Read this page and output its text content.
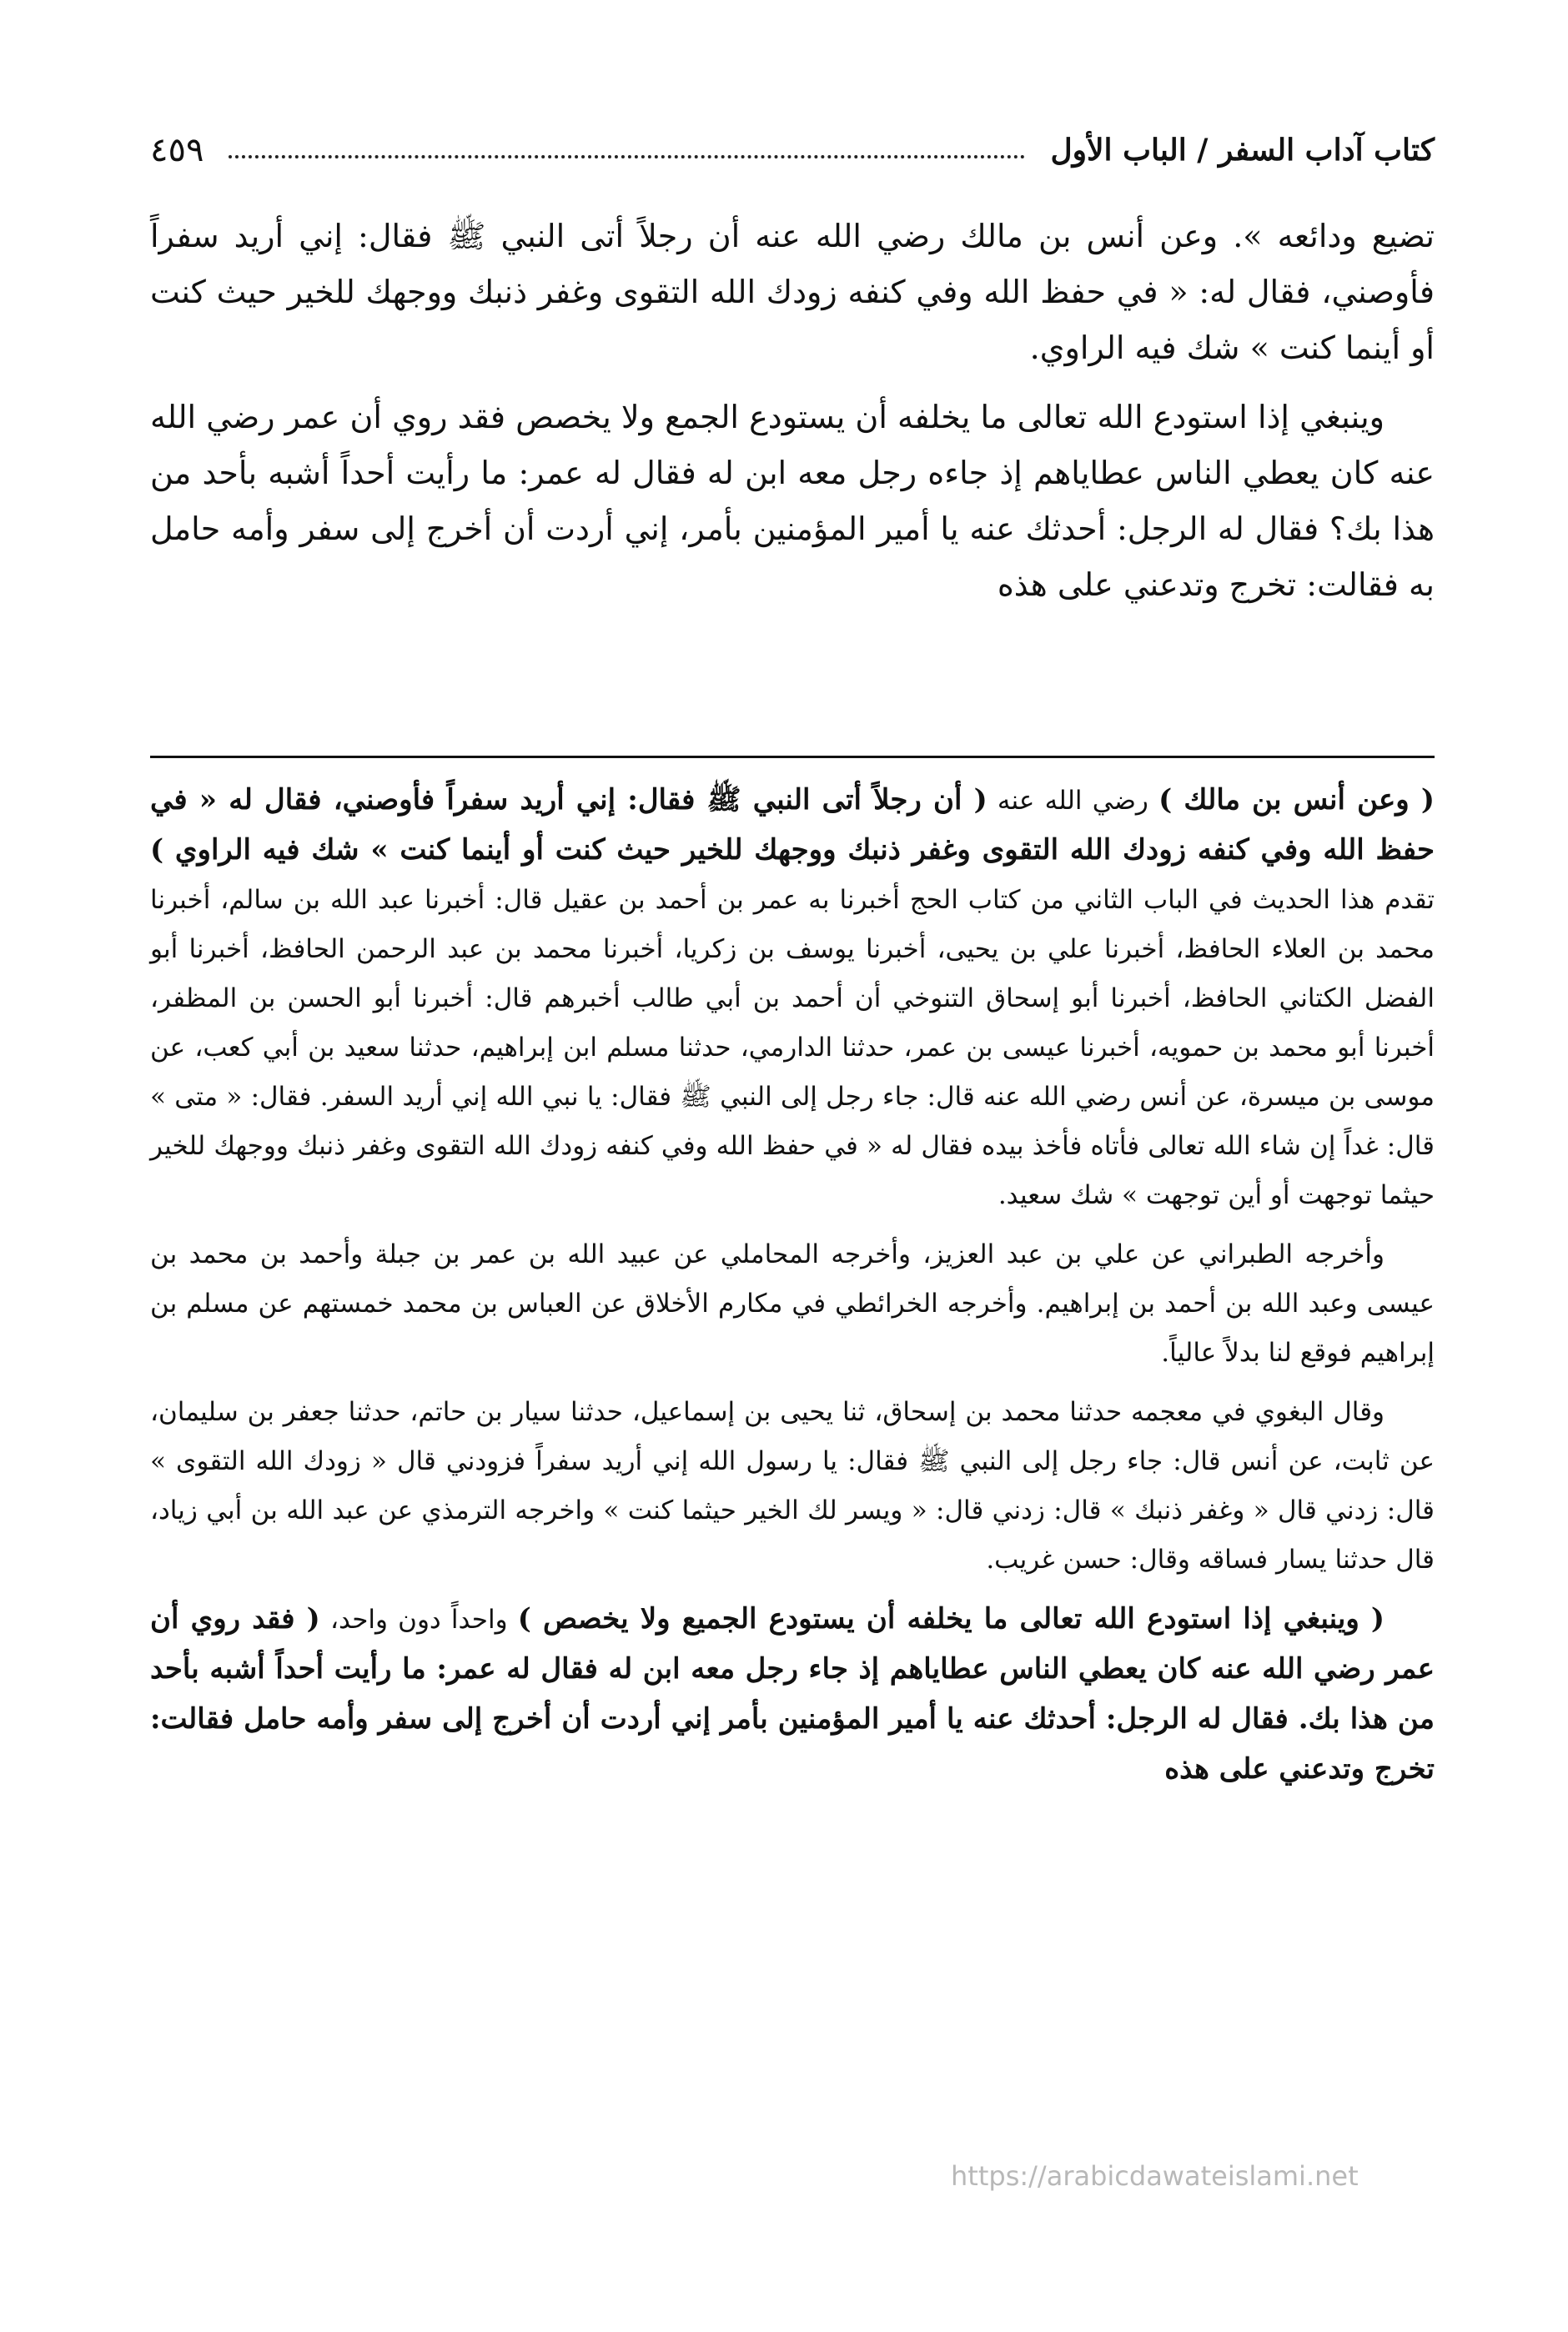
كتاب آداب السفر / الباب الأول
٤٥٩

تضيع ودائعه ». وعن أنس بن مالك رضي الله عنه أن رجلاً أتى النبي ﷺ فقال: إني أريد سفراً فأوصني، فقال له: « في حفظ الله وفي كنفه زودك الله التقوى وغفر ذنبك ووجهك للخير حيث كنت أو أينما كنت » شك فيه الراوي.

وينبغي إذا استودع الله تعالى ما يخلفه أن يستودع الجمع ولا يخصص فقد روي أن عمر رضي الله عنه كان يعطي الناس عطاياهم إذ جاءه رجل معه ابن له فقال له عمر: ما رأيت أحداً أشبه بأحد من هذا بك؟ فقال له الرجل: أحدثك عنه يا أمير المؤمنين بأمر، إني أردت أن أخرج إلى سفر وأمه حامل به فقالت: تخرج وتدعني على هذه

( وعن أنس بن مالك ) رضي الله عنه ( أن رجلاً أتى النبي ﷺ فقال: إني أريد سفراً فأوصني، فقال له « في حفظ الله وفي كنفه زودك الله التقوى وغفر ذنبك ووجهك للخير حيث كنت أو أينما كنت » شك فيه الراوي ) تقدم هذا الحديث في الباب الثاني من كتاب الحج أخبرنا به عمر بن أحمد بن عقيل قال: أخبرنا عبد الله بن سالم، أخبرنا محمد بن العلاء الحافظ، أخبرنا علي بن يحيى، أخبرنا يوسف بن زكريا، أخبرنا محمد بن عبد الرحمن الحافظ، أخبرنا أبو الفضل الكتاني الحافظ، أخبرنا أبو إسحاق التنوخي أن أحمد بن أبي طالب أخبرهم قال: أخبرنا أبو الحسن بن المظفر، أخبرنا أبو محمد بن حمويه، أخبرنا عيسى بن عمر، حدثنا الدارمي، حدثنا مسلم ابن إبراهيم، حدثنا سعيد بن أبي كعب، عن موسى بن ميسرة، عن أنس رضي الله عنه قال: جاء رجل إلى النبي ﷺ فقال: يا نبي الله إني أريد السفر. فقال: « متى » قال: غداً إن شاء الله تعالى فأتاه فأخذ بيده فقال له « في حفظ الله وفي كنفه زودك الله التقوى وغفر ذنبك ووجهك للخير حيثما توجهت أو أين توجهت » شك سعيد.

وأخرجه الطبراني عن علي بن عبد العزيز، وأخرجه المحاملي عن عبيد الله بن عمر بن جبلة وأحمد بن محمد بن عيسى وعبد الله بن أحمد بن إبراهيم. وأخرجه الخرائطي في مكارم الأخلاق عن العباس بن محمد خمستهم عن مسلم بن إبراهيم فوقع لنا بدلاً عالياً.

وقال البغوي في معجمه حدثنا محمد بن إسحاق، ثنا يحيى بن إسماعيل، حدثنا سيار بن حاتم، حدثنا جعفر بن سليمان، عن ثابت، عن أنس قال: جاء رجل إلى النبي ﷺ فقال: يا رسول الله إني أريد سفراً فزودني قال « زودك الله التقوى » قال: زدني قال « وغفر ذنبك » قال: زدني قال: « ويسر لك الخير حيثما كنت » واخرجه الترمذي عن عبد الله بن أبي زياد، قال حدثنا يسار فساقه وقال: حسن غريب.

( وينبغي إذا استودع الله تعالى ما يخلفه أن يستودع الجميع ولا يخصص ) واحداً دون واحد، ( فقد روي أن عمر رضي الله عنه كان يعطي الناس عطاياهم إذ جاء رجل معه ابن له فقال له عمر: ما رأيت أحداً أشبه بأحد من هذا بك. فقال له الرجل: أحدثك عنه يا أمير المؤمنين بأمر إني أردت أن أخرج إلى سفر وأمه حامل فقالت: تخرج وتدعني على هذه

https://arabicdawateislami.net
